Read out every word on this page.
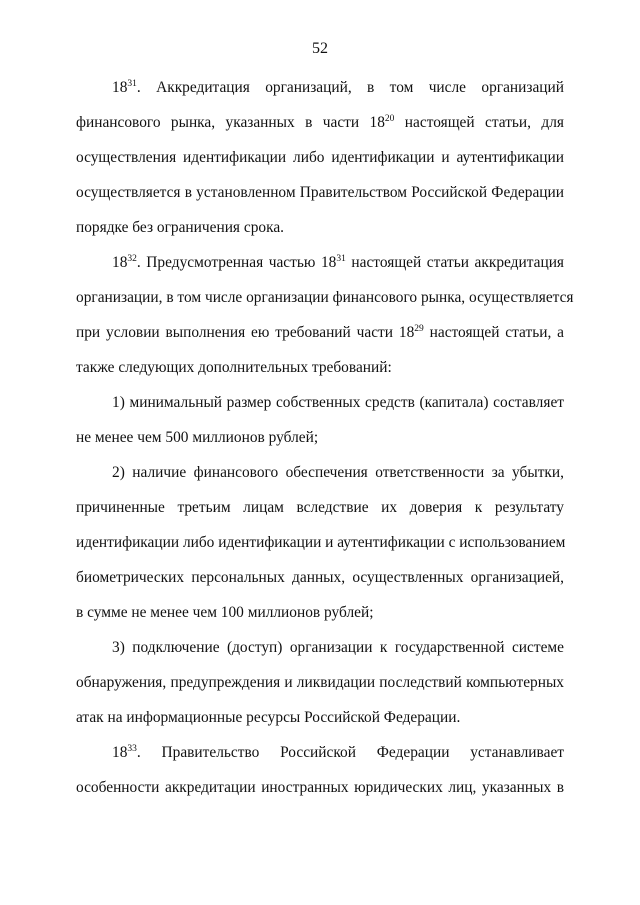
52
$18^{31}$. Аккредитация организаций, в том числе организаций
финансового рынка, указанных в части $18^{20}$ настоящей статьи, для
осуществления идентификации либо идентификации и аутентификации
осуществляется в установленном Правительством Российской Федерации
порядке без ограничения срока.
$18^{32}$. Предусмотренная частью $18^{31}$ настоящей статьи аккредитация
организации, в том числе организации финансового рынка, осуществляется
при условии выполнения ею требований части $18^{29}$ настоящей статьи, а
также следующих дополнительных требований:
1) минимальный размер собственных средств (капитала) составляет
не менее чем 500 миллионов рублей;
2) наличие финансового обеспечения ответственности за убытки,
причиненные третьим лицам вследствие их доверия к результату
идентификации либо идентификации и аутентификации с использованием
биометрических персональных данных, осуществленных организацией,
в сумме не менее чем 100 миллионов рублей;
3) подключение (доступ) организации к государственной системе
обнаружения, предупреждения и ликвидации последствий компьютерных
атак на информационные ресурсы Российской Федерации.
$18^{33}$. Правительство Российской Федерации устанавливает
особенности аккредитации иностранных юридических лиц, указанных в
